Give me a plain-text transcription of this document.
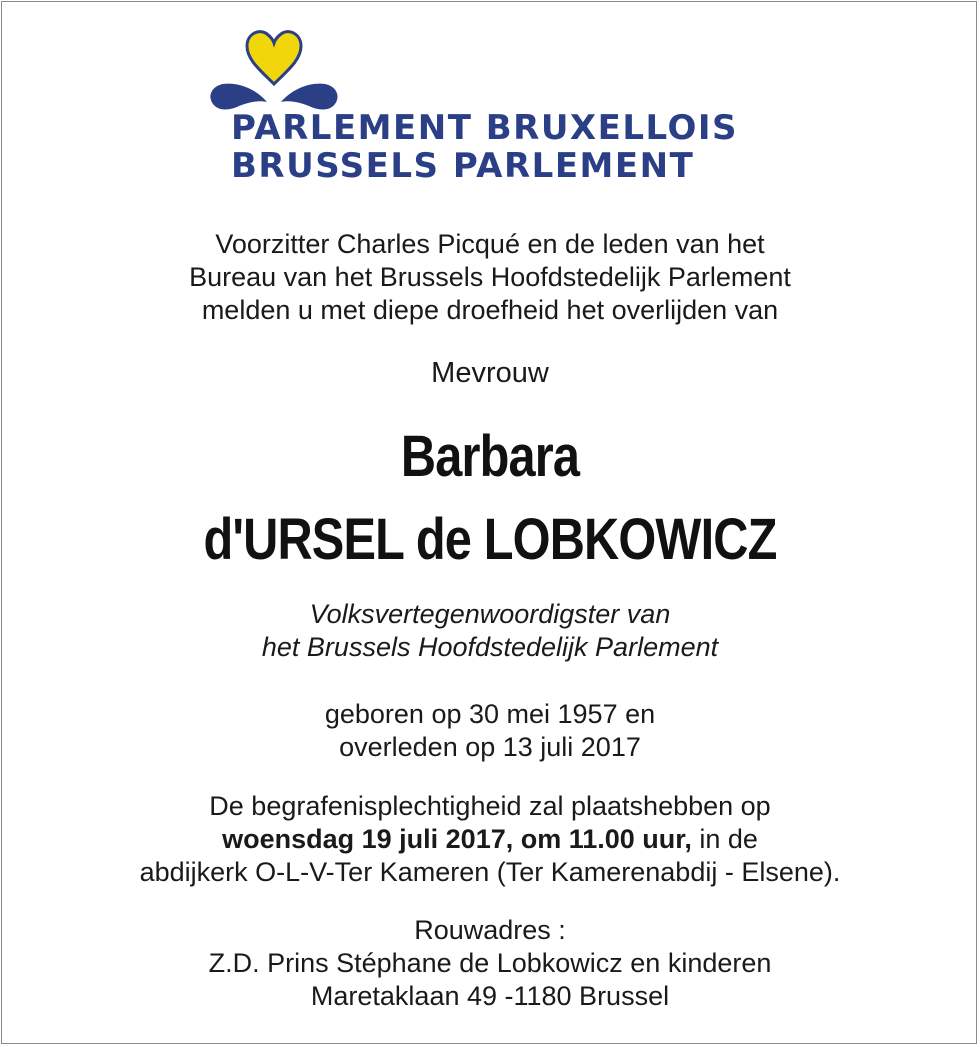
PARLEMENT BRUXELLOIS
BRUSSELS PARLEMENT
Voorzitter Charles Picqué en de leden van het
Bureau van het Brussels Hoofdstedelijk Parlement
melden u met diepe droefheid het overlijden van
Mevrouw
Barbara
d'URSEL de LOBKOWICZ
Volksvertegenwoordigster van
het Brussels Hoofdstedelijk Parlement
geboren op 30 mei 1957 en
overleden op 13 juli 2017
De begrafenisplechtigheid zal plaatshebben op
woensdag 19 juli 2017, om 11.00 uur, in de
abdijkerk O-L-V-Ter Kameren (Ter Kamerenabdij - Elsene).
Rouwadres :
Z.D. Prins Stéphane de Lobkowicz en kinderen
Maretaklaan 49 -1180 Brussel
